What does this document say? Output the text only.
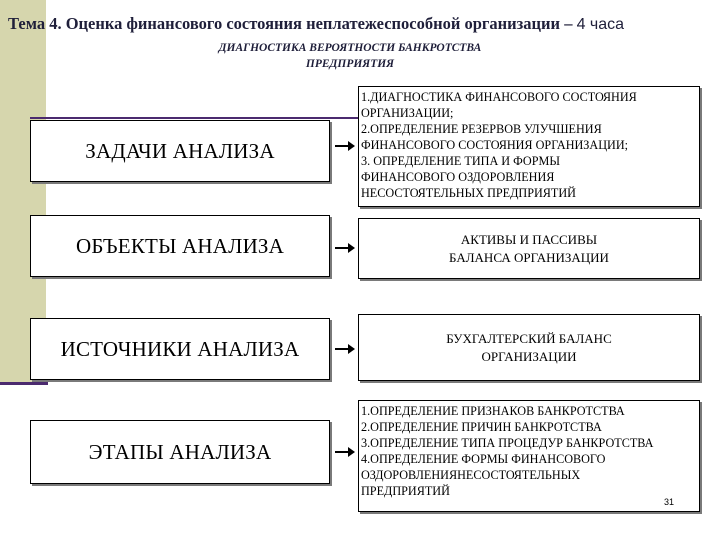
Тема 4. Оценка финансового состояния неплатежеспособной организации – 4 часа
ДИАГНОСТИКА ВЕРОЯТНОСТИ БАНКРОТСТВА
ПРЕДПРИЯТИЯ
ЗАДАЧИ АНАЛИЗА
1.ДИАГНОСТИКА ФИНАНСОВОГО СОСТОЯНИЯ
ОРГАНИЗАЦИИ;
2.ОПРЕДЕЛЕНИЕ РЕЗЕРВОВ УЛУЧШЕНИЯ
ФИНАНСОВОГО СОСТОЯНИЯ ОРГАНИЗАЦИИ;
3. ОПРЕДЕЛЕНИЕ ТИПА И ФОРМЫ
ФИНАНСОВОГО ОЗДОРОВЛЕНИЯ
НЕСОСТОЯТЕЛЬНЫХ ПРЕДПРИЯТИЙ
ОБЪЕКТЫ АНАЛИЗА	АКТИВЫ И ПАССИВЫ
БАЛАНСА ОРГАНИЗАЦИИ
ИСТОЧНИКИ АНАЛИЗА	БУХГАЛТЕРСКИЙ БАЛАНС
ОРГАНИЗАЦИИ
ЭТАПЫ АНАЛИЗА
1.ОПРЕДЕЛЕНИЕ ПРИЗНАКОВ БАНКРОТСТВА
2.ОПРЕДЕЛЕНИЕ ПРИЧИН БАНКРОТСТВА
3.ОПРЕДЕЛЕНИЕ ТИПА ПРОЦЕДУР БАНКРОТСТВА
4.ОПРЕДЕЛЕНИЕ ФОРМЫ ФИНАНСОВОГО
ОЗДОРОВЛЕНИЯНЕСОСТОЯТЕЛЬНЫХ
ПРЕДПРИЯТИЙ
31
